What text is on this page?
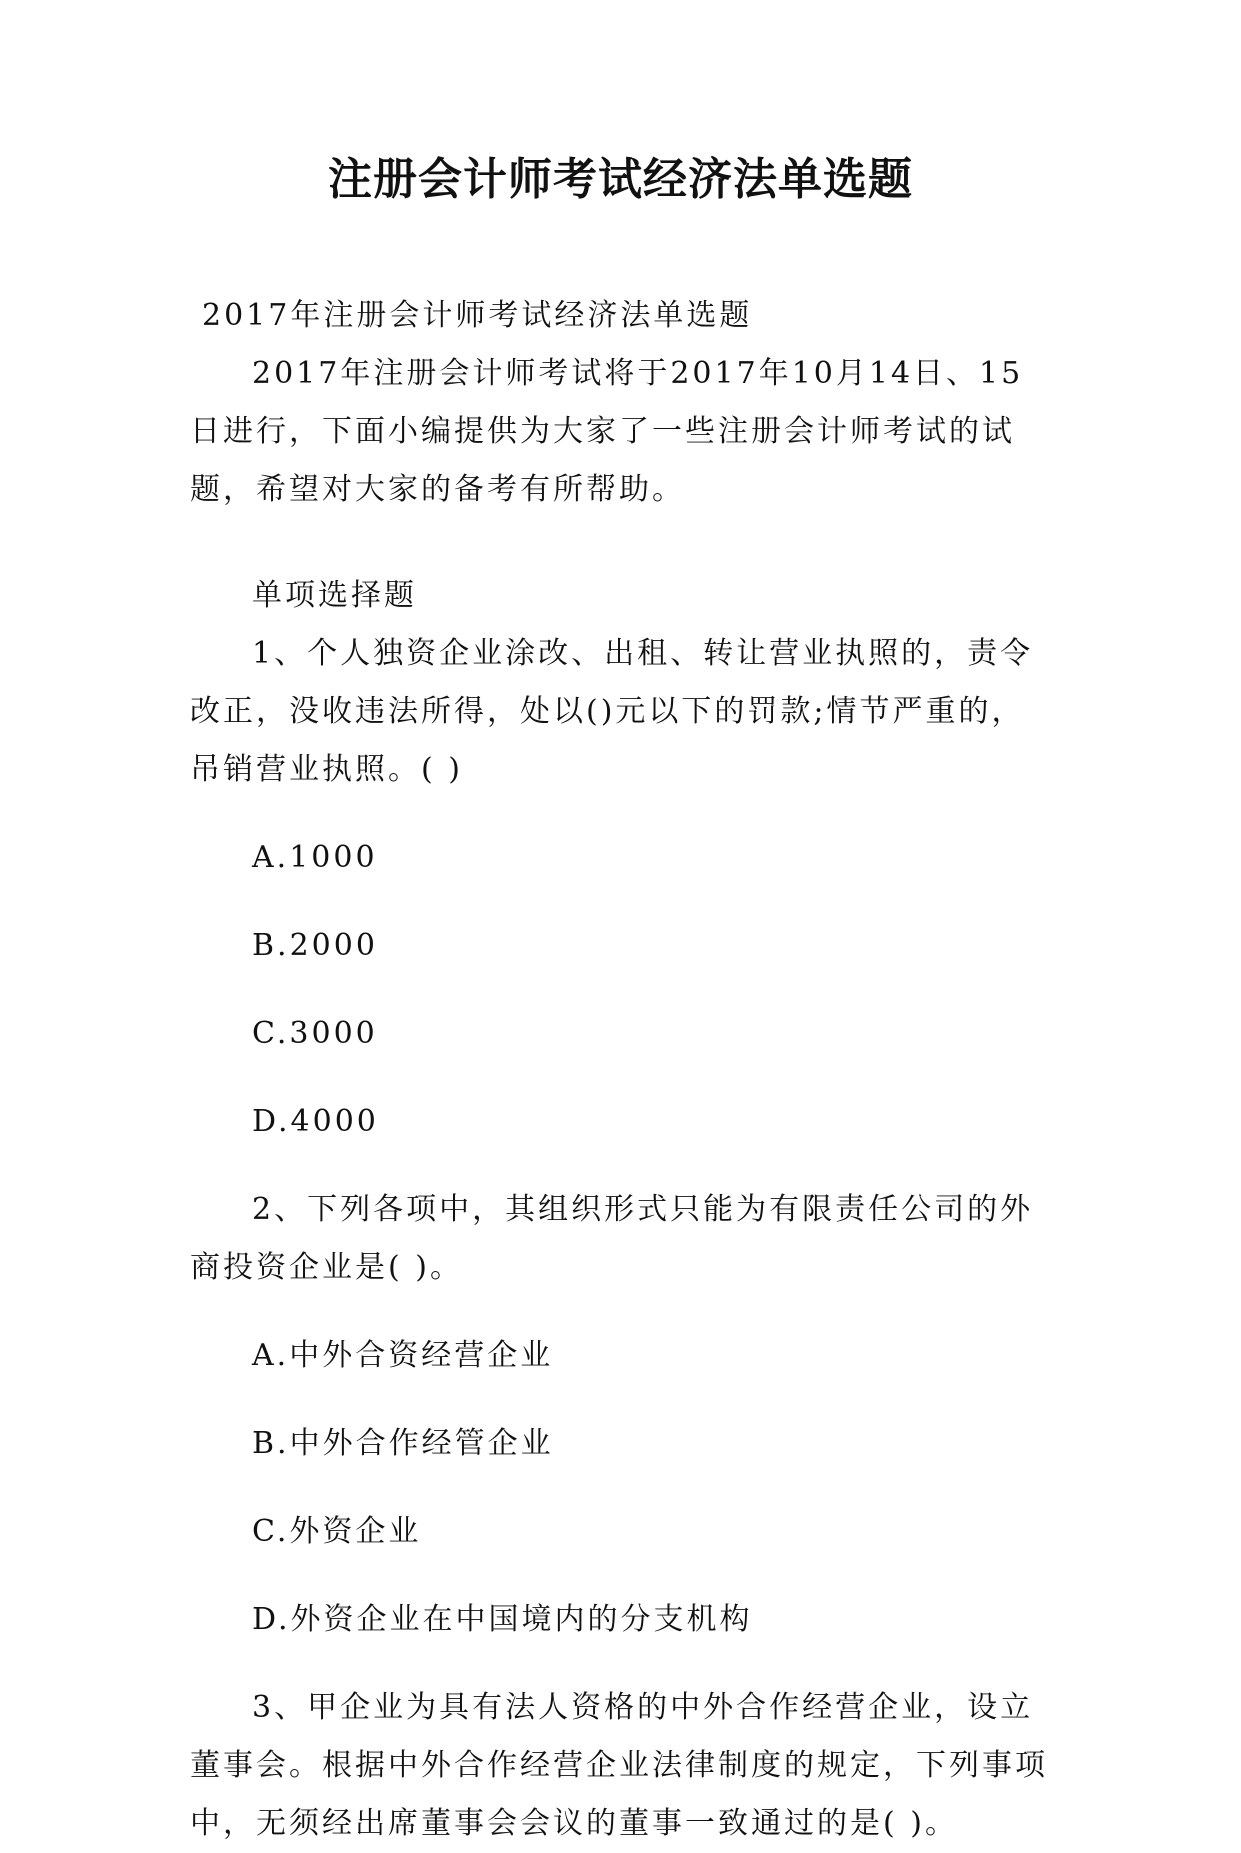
注册会计师考试经济法单选题

2017年注册会计师考试经济法单选题

2017年注册会计师考试将于2017年10月14日、15日进行，下面小编提供为大家了一些注册会计师考试的试题，希望对大家的备考有所帮助。

单项选择题

1、个人独资企业涂改、出租、转让营业执照的，责令改正，没收违法所得，处以()元以下的罚款;情节严重的，吊销营业执照。( )

A.1000

B.2000

C.3000

D.4000

2、下列各项中，其组织形式只能为有限责任公司的外商投资企业是( )。

A.中外合资经营企业

B.中外合作经管企业

C.外资企业

D.外资企业在中国境内的分支机构

3、甲企业为具有法人资格的中外合作经营企业，设立董事会。根据中外合作经营企业法律制度的规定，下列事项中，无须经出席董事会会议的董事一致通过的是( )。
